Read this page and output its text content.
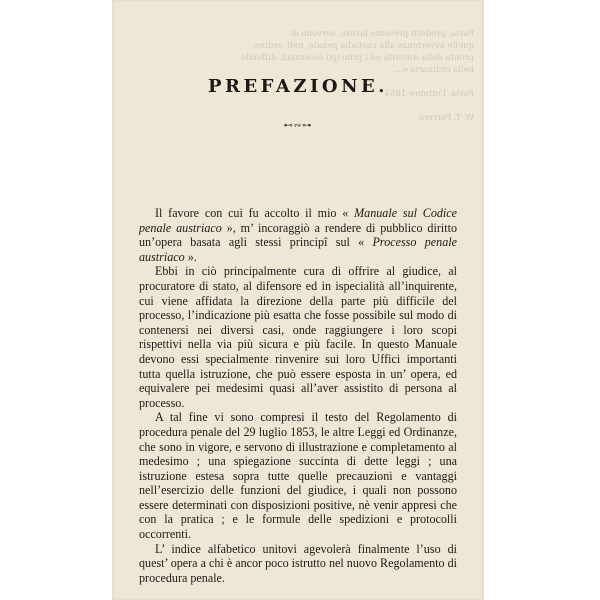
Pavia, predetti presente lavoro, servono di
quelle avvertenze alla custodia penale, nell' ordine,
pronta della Autorità ed i principii essenziali, diffondo
bella ordinaria e...

Pavia, l'ottobre 1854

W. T. Ferrero
PREFAZIONE.
⊷∾⊶

Il favore con cui fu accolto il mio « Manuale sul Codice penale austriaco », m’ incoraggiò a rendere di pubblico diritto un’opera basata agli stessi principî sul « Processo penale austriaco ».

Ebbi in ciò principalmente cura di offrire al giudice, al procuratore di stato, al difensore ed in ispecialità all’inquirente, cui viene affidata la direzione della parte più difficile del processo, l’indicazione più esatta che fosse possibile sul modo di contenersi nei diversi casi, onde raggiungere i loro scopi rispettivi nella via più sicura e più facile. In questo Manuale devono essi specialmente rinvenire sui loro Uffici importanti tutta quella istruzione, che può essere esposta in un’ opera, ed equivalere pei medesimi quasi all’aver assistito di persona al processo.

A tal fine vi sono compresi il testo del Regolamento di procedura penale del 29 luglio 1853, le altre Leggi ed Ordinanze, che sono in vigore, e servono di illustrazione e completamento al medesimo ; una spiegazione succinta di dette leggi ; una istruzione estesa sopra tutte quelle precauzioni e vantaggi nell’esercizio delle funzioni del giudice, i quali non possono essere determinati con disposizioni positive, nè venir appresi che con la pratica ; e le formule delle spedizioni e protocolli occorrenti.

L’ indice alfabetico unitovi agevolerà finalmente l’uso di quest’ opera a chi è ancor poco istrutto nel nuovo Regolamento di procedura penale.
